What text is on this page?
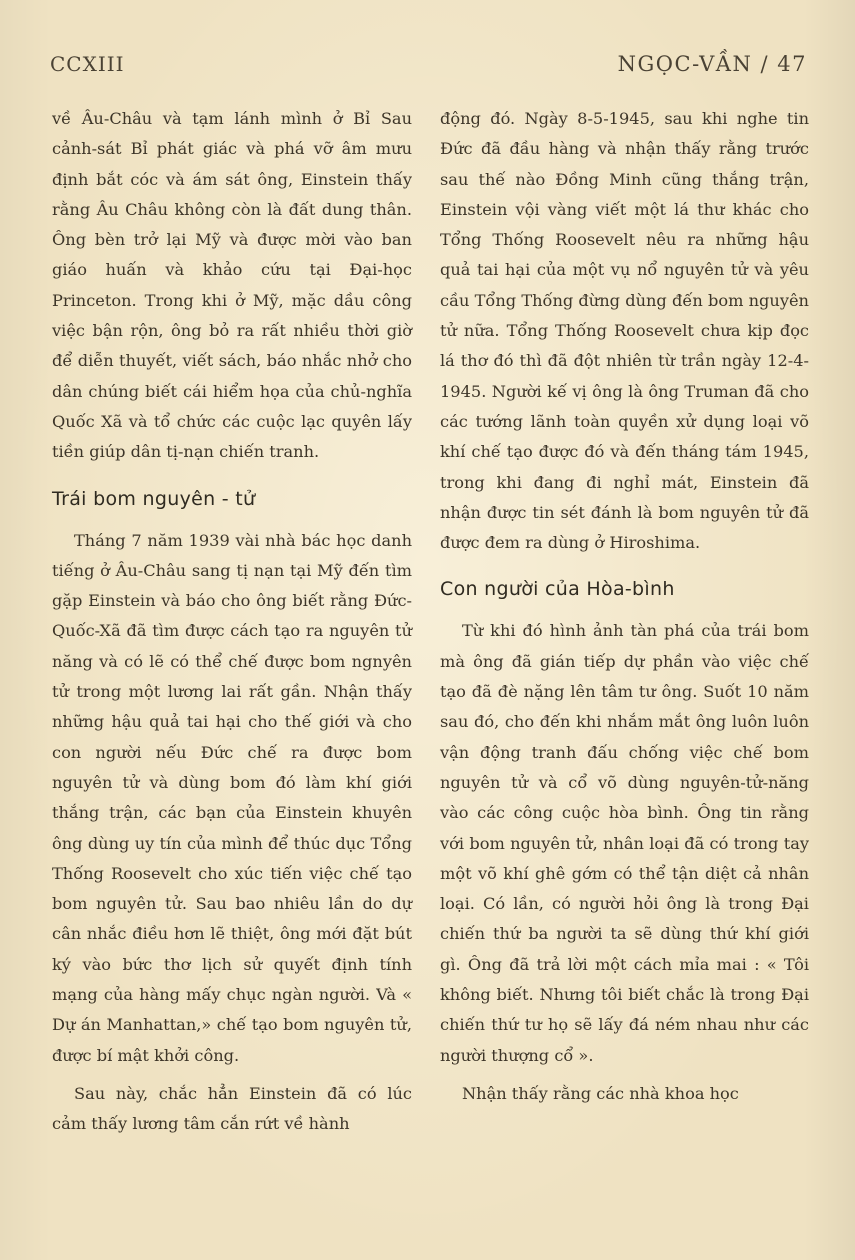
CCXIII	NGỌC-VẦN / 47

về Âu-Châu và tạm lánh mình ở Bỉ Sau cảnh-sát Bỉ phát giác và phá vỡ âm mưu định bắt cóc và ám sát ông, Einstein thấy rằng Âu Châu không còn là đất dung thân. Ông bèn trở lại Mỹ và được mời vào ban giáo huấn và khảo cứu tại Đại-học Princeton. Trong khi ở Mỹ, mặc dầu công việc bận rộn, ông bỏ ra rất nhiều thời giờ để diễn thuyết, viết sách, báo nhắc nhở cho dân chúng biết cái hiểm họa của chủ-nghĩa Quốc Xã và tổ chức các cuộc lạc quyên lấy tiền giúp dân tị-nạn chiến tranh.

Trái bom nguyên - tử

Tháng 7 năm 1939 vài nhà bác học danh tiếng ở Âu-Châu sang tị nạn tại Mỹ đến tìm gặp Einstein và báo cho ông biết rằng Đức-Quốc-Xã đã tìm được cách tạo ra nguyên tử năng và có lẽ có thể chế được bom ngnyên tử trong một lương lai rất gần. Nhận thấy những hậu quả tai hại cho thế giới và cho con người nếu Đức chế ra được bom nguyên tử và dùng bom đó làm khí giới thắng trận, các bạn của Einstein khuyên ông dùng uy tín của mình để thúc dục Tổng Thống Roosevelt cho xúc tiến việc chế tạo bom nguyên tử. Sau bao nhiêu lần do dự cân nhắc điều hơn lẽ thiệt, ông mới đặt bút ký vào bức thơ lịch sử quyết định tính mạng của hàng mấy chục ngàn người. Và « Dự án Manhattan,» chế tạo bom nguyên tử, được bí mật khởi công.

Sau này, chắc hẳn Einstein đã có lúc cảm thấy lương tâm cắn rứt về hành

động đó. Ngày 8-5-1945, sau khi nghe tin Đức đã đầu hàng và nhận thấy rằng trước sau thế nào Đồng Minh cũng thắng trận, Einstein vội vàng viết một lá thư khác cho Tổng Thống Roosevelt nêu ra những hậu quả tai hại của một vụ nổ nguyên tử và yêu cầu Tổng Thống đừng dùng đến bom nguyên tử nữa. Tổng Thống Roosevelt chưa kịp đọc lá thơ đó thì đã đột nhiên từ trần ngày 12-4-1945. Người kế vị ông là ông Truman đã cho các tướng lãnh toàn quyền xử dụng loại võ khí chế tạo được đó và đến tháng tám 1945, trong khi đang đi nghỉ mát, Einstein đã nhận được tin sét đánh là bom nguyên tử đã được đem ra dùng ở Hiroshima.

Con người của Hòa-bình

Từ khi đó hình ảnh tàn phá của trái bom mà ông đã gián tiếp dự phần vào việc chế tạo đã đè nặng lên tâm tư ông. Suốt 10 năm sau đó, cho đến khi nhắm mắt ông luôn luôn vận động tranh đấu chống việc chế bom nguyên tử và cổ võ dùng nguyên-tử-năng vào các công cuộc hòa bình. Ông tin rằng với bom nguyên tử, nhân loại đã có trong tay một võ khí ghê gớm có thể tận diệt cả nhân loại. Có lần, có người hỏi ông là trong Đại chiến thứ ba người ta sẽ dùng thứ khí giới gì. Ông đã trả lời một cách mỉa mai : « Tôi không biết. Nhưng tôi biết chắc là trong Đại chiến thứ tư họ sẽ lấy đá ném nhau như các người thượng cổ ».

Nhận thấy rằng các nhà khoa học
